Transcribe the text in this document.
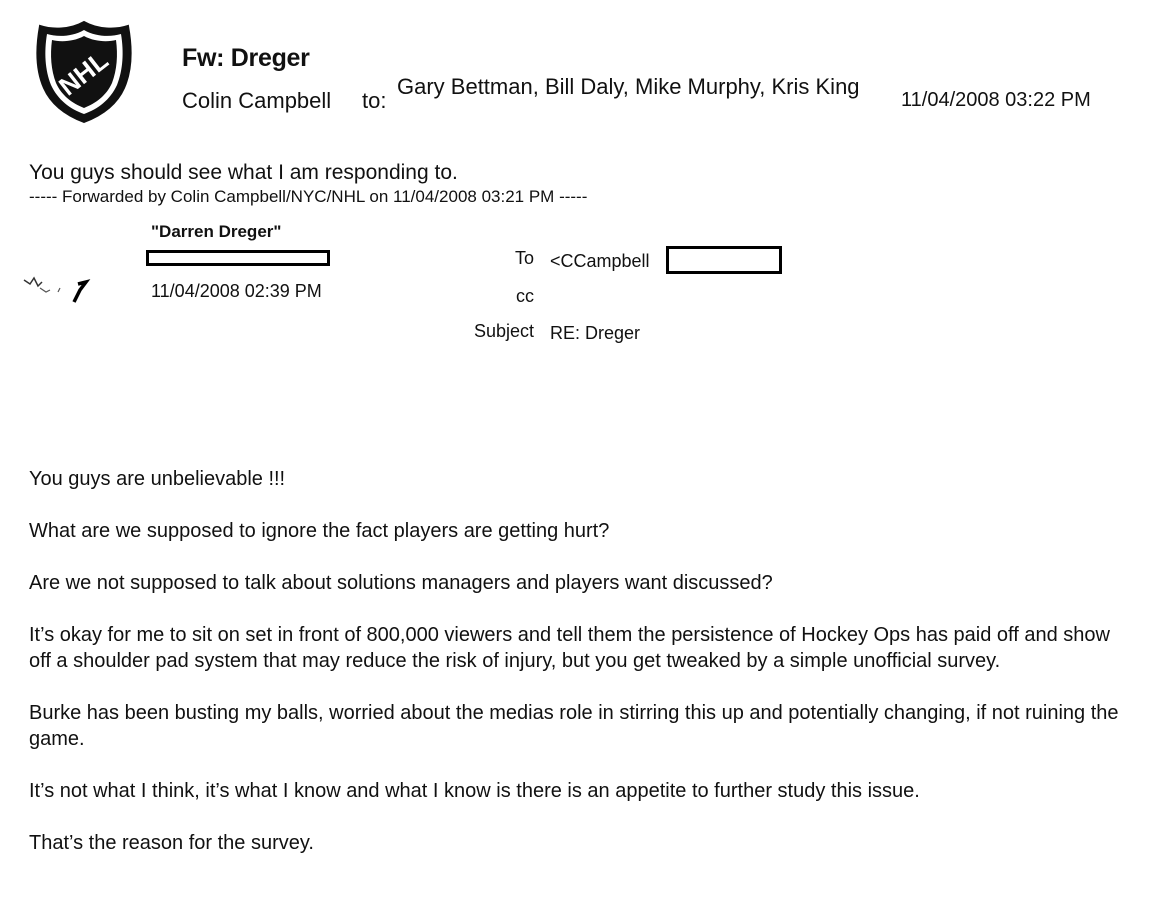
NHL	Fw: Dreger
Colin Campbell to:
Gary Bettman, Bill Daly, Mike Murphy, Kris King
11/04/2008 03:22 PM
You guys should see what I am responding to.
----- Forwarded by Colin Campbell/NYC/NHL on 11/04/2008 03:21 PM -----
"Darren Dreger"
11/04/2008 02:39 PM
To <CCampbell
cc
Subject RE: Dreger

You guys are unbelievable !!!

What are we supposed to ignore the fact players are getting hurt?

Are we not supposed to talk about solutions managers and players want discussed?

It’s okay for me to sit on set in front of 800,000 viewers and tell them the persistence of Hockey Ops has paid off and show off a shoulder pad system that may reduce the risk of injury, but you get tweaked by a simple unofficial survey.

Burke has been busting my balls, worried about the medias role in stirring this up and potentially changing, if not ruining the game.

It’s not what I think, it’s what I know and what I know is there is an appetite to further study this issue.

That’s the reason for the survey.
